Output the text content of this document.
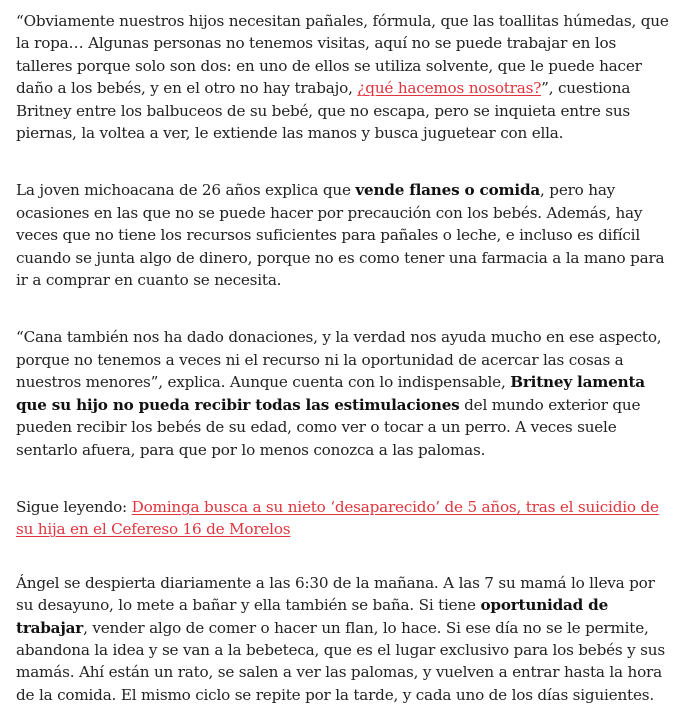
“Obviamente nuestros hijos necesitan pañales, fórmula, que las toallitas húmedas, que la ropa… Algunas personas no tenemos visitas, aquí no se puede trabajar en los talleres porque solo son dos: en uno de ellos se utiliza solvente, que le puede hacer daño a los bebés, y en el otro no hay trabajo, ¿qué hacemos nosotras?”, cuestiona Britney entre los balbuceos de su bebé, que no escapa, pero se inquieta entre sus piernas, la voltea a ver, le extiende las manos y busca juguetear con ella.

La joven michoacana de 26 años explica que vende flanes o comida, pero hay ocasiones en las que no se puede hacer por precaución con los bebés. Además, hay veces que no tiene los recursos suficientes para pañales o leche, e incluso es difícil cuando se junta algo de dinero, porque no es como tener una farmacia a la mano para ir a comprar en cuanto se necesita.

“Cana también nos ha dado donaciones, y la verdad nos ayuda mucho en ese aspecto, porque no tenemos a veces ni el recurso ni la oportunidad de acercar las cosas a nuestros menores”, explica. Aunque cuenta con lo indispensable, Britney lamenta que su hijo no pueda recibir todas las estimulaciones del mundo exterior que pueden recibir los bebés de su edad, como ver o tocar a un perro. A veces suele sentarlo afuera, para que por lo menos conozca a las palomas.

Sigue leyendo: Dominga busca a su nieto ‘desaparecido’ de 5 años, tras el suicidio de su hija en el Cefereso 16 de Morelos

Ángel se despierta diariamente a las 6:30 de la mañana. A las 7 su mamá lo lleva por su desayuno, lo mete a bañar y ella también se baña. Si tiene oportunidad de trabajar, vender algo de comer o hacer un flan, lo hace. Si ese día no se le permite, abandona la idea y se van a la bebeteca, que es el lugar exclusivo para los bebés y sus mamás. Ahí están un rato, se salen a ver las palomas, y vuelven a entrar hasta la hora de la comida. El mismo ciclo se repite por la tarde, y cada uno de los días siguientes.
